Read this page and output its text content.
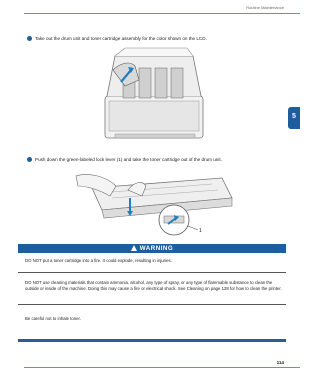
Routine Maintenance
5
Take out the drum unit and toner cartridge assembly for the color shown on the LCD.
Push down the green-labeled lock lever (1) and take the toner cartridge out of the drum unit.
1
WARNING
DO NOT put a toner cartridge into a fire. It could explode, resulting in injuries.
DO NOT use cleaning materials that contain ammonia, alcohol, any type of spray, or any type of flammable substance to clean the outside or inside of the machine. Doing this may cause a fire or electrical shock. See Cleaning on page 128 for how to clean the printer.
Be careful not to inhale toner.
114
